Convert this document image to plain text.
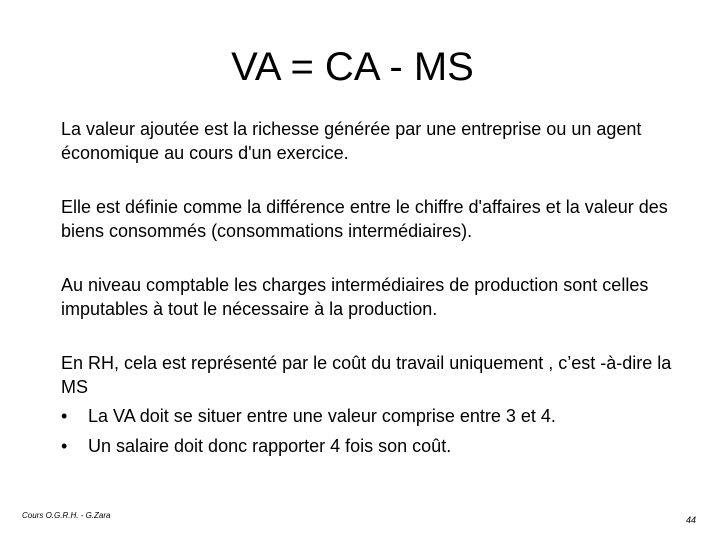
VA = CA - MS

La valeur ajoutée est la richesse générée par une entreprise ou un agent économique au cours d'un exercice.

Elle est définie comme la différence entre le chiffre d'affaires et la valeur des biens consommés (consommations intermédiaires).

Au niveau comptable les charges intermédiaires de production sont celles imputables à tout le nécessaire à la production.

En RH, cela est représenté par le coût du travail uniquement , c’est -à-dire la MS

• La VA doit se situer entre une valeur comprise entre 3 et 4.
• Un salaire doit donc rapporter 4 fois son coût.
Cours O.G.R.H. - G.Zara	44
